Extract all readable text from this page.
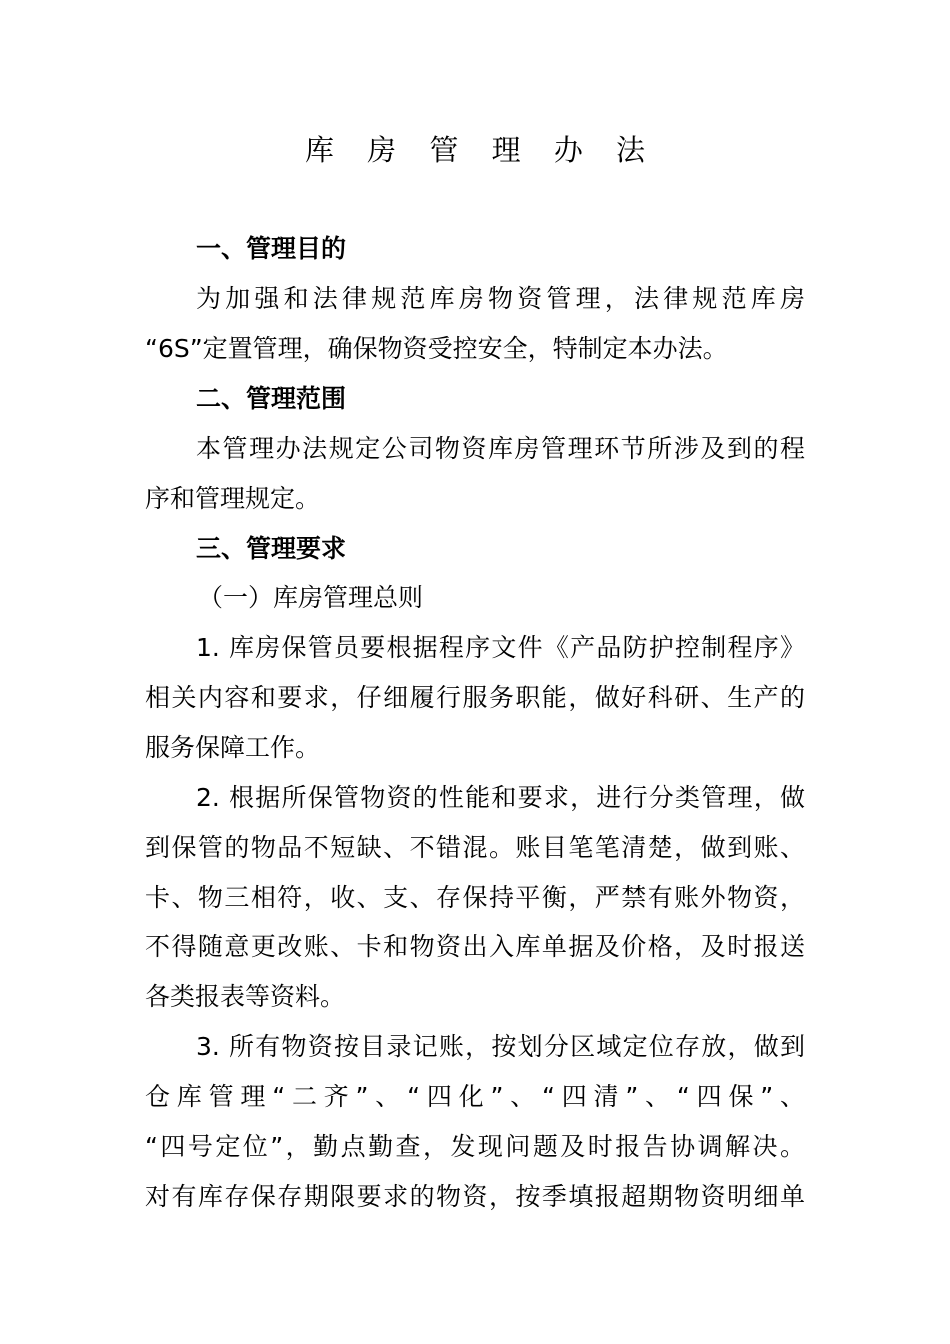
库 房 管 理 办 法
一、管理目的
为加强和法律规范库房物资管理，法律规范库房
“6S”定置管理，确保物资受控安全，特制定本办法。
二、管理范围
本管理办法规定公司物资库房管理环节所涉及到的程
序和管理规定。
三、管理要求
（一）库房管理总则
1. 库房保管员要根据程序文件《产品防护控制程序》
相关内容和要求，仔细履行服务职能，做好科研、生产的
服务保障工作。
2. 根据所保管物资的性能和要求，进行分类管理，做
到保管的物品不短缺、不错混。账目笔笔清楚，做到账、
卡、物三相符，收、支、存保持平衡，严禁有账外物资，
不得随意更改账、卡和物资出入库单据及价格，及时报送
各类报表等资料。
3. 所有物资按目录记账，按划分区域定位存放，做到
仓库管理“二齐”、“四化”、“四清”、“四保”、
“四号定位”，勤点勤查，发现问题及时报告协调解决。
对有库存保存期限要求的物资，按季填报超期物资明细单
